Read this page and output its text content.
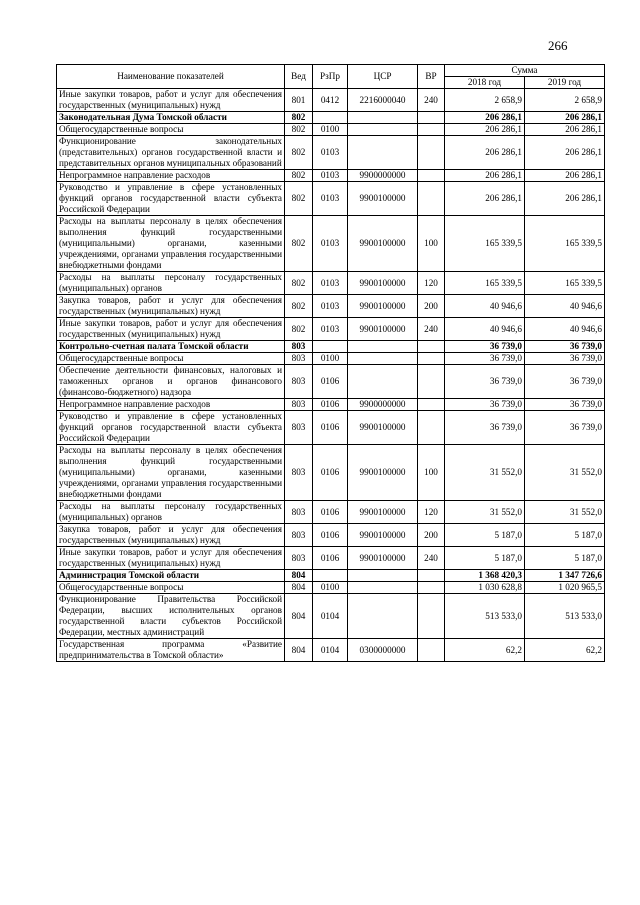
266
Наименование показателей	Вед	РзПр	ЦСР	ВР	Сумма	
					2018 год	2019 год
Иные закупки товаров, работ и услуг для обеспечения государственных (муниципальных) нужд	801	0412	2216000040	240	2 658,9	2 658,9
Законодательная Дума Томской области	802				206 286,1	206 286,1
Общегосударственные вопросы	802	0100			206 286,1	206 286,1
Функционирование законодательных (представительных) органов государственной власти и представительных органов муниципальных образований	802	0103			206 286,1	206 286,1
Непрограммное направление расходов	802	0103	9900000000		206 286,1	206 286,1
Руководство и управление в сфере установленных функций органов государственной власти субъекта Российской Федерации	802	0103	9900100000		206 286,1	206 286,1
Расходы на выплаты персоналу в целях обеспечения выполнения функций государственными (муниципальными) органами, казенными учреждениями, органами управления государственными внебюджетными фондами	802	0103	9900100000	100	165 339,5	165 339,5
Расходы на выплаты персоналу государственных (муниципальных) органов	802	0103	9900100000	120	165 339,5	165 339,5
Закупка товаров, работ и услуг для обеспечения государственных (муниципальных) нужд	802	0103	9900100000	200	40 946,6	40 946,6
Иные закупки товаров, работ и услуг для обеспечения государственных (муниципальных) нужд	802	0103	9900100000	240	40 946,6	40 946,6
Контрольно-счетная палата Томской области	803				36 739,0	36 739,0
Общегосударственные вопросы	803	0100			36 739,0	36 739,0
Обеспечение деятельности финансовых, налоговых и таможенных органов и органов финансового (финансово-бюджетного) надзора	803	0106			36 739,0	36 739,0
Непрограммное направление расходов	803	0106	9900000000		36 739,0	36 739,0
Руководство и управление в сфере установленных функций органов государственной власти субъекта Российской Федерации	803	0106	9900100000		36 739,0	36 739,0
Расходы на выплаты персоналу в целях обеспечения выполнения функций государственными (муниципальными) органами, казенными учреждениями, органами управления государственными внебюджетными фондами	803	0106	9900100000	100	31 552,0	31 552,0
Расходы на выплаты персоналу государственных (муниципальных) органов	803	0106	9900100000	120	31 552,0	31 552,0
Закупка товаров, работ и услуг для обеспечения государственных (муниципальных) нужд	803	0106	9900100000	200	5 187,0	5 187,0
Иные закупки товаров, работ и услуг для обеспечения государственных (муниципальных) нужд	803	0106	9900100000	240	5 187,0	5 187,0
Администрация Томской области	804				1 368 420,3	1 347 726,6
Общегосударственные вопросы	804	0100			1 030 628,8	1 020 965,5
Функционирование Правительства Российской Федерации, высших исполнительных органов государственной власти субъектов Российской Федерации, местных администраций	804	0104			513 533,0	513 533,0
Государственная программа «Развитие предпринимательства в Томской области»	804	0104	0300000000		62,2	62,2
